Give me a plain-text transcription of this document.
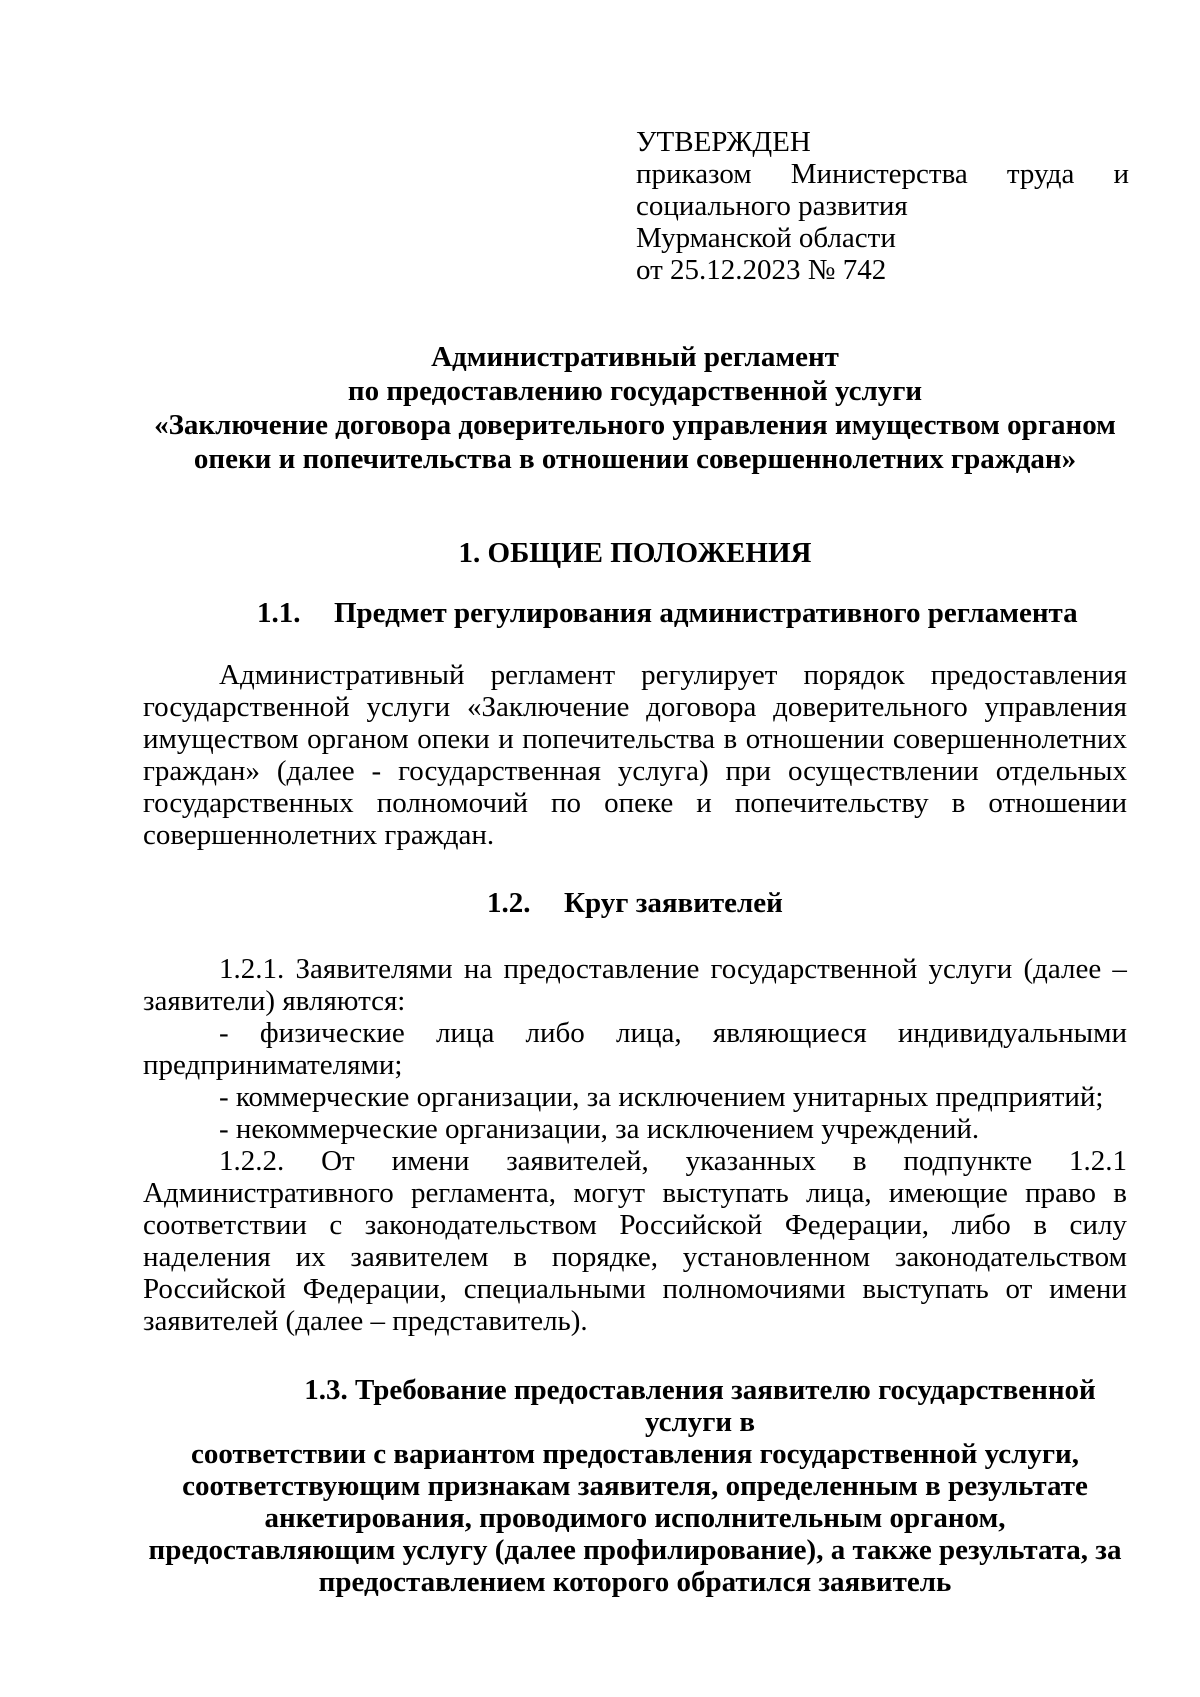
УТВЕРЖДЕН
приказом Министерства труда и
социального развития
Мурманской области
от 25.12.2023 № 742
Административный регламент
по предоставлению государственной услуги
«Заключение договора доверительного управления имуществом органом
опеки и попечительства в отношении совершеннолетних граждан»
1. ОБЩИЕ ПОЛОЖЕНИЯ
1.1. Предмет регулирования административного регламента
Административный регламент регулирует порядок предоставления
государственной услуги «Заключение договора доверительного управления
имуществом органом опеки и попечительства в отношении совершеннолетних
граждан» (далее - государственная услуга) при осуществлении отдельных
государственных полномочий по опеке и попечительству в отношении
совершеннолетних граждан.
1.2. Круг заявителей
1.2.1. Заявителями на предоставление государственной услуги (далее –
заявители) являются:
- физические лица либо лица, являющиеся индивидуальными
предпринимателями;
- коммерческие организации, за исключением унитарных предприятий;
- некоммерческие организации, за исключением учреждений.
1.2.2. От имени заявителей, указанных в подпункте 1.2.1
Административного регламента, могут выступать лица, имеющие право в
соответствии с законодательством Российской Федерации, либо в силу
наделения их заявителем в порядке, установленном законодательством
Российской Федерации, специальными полномочиями выступать от имени
заявителей (далее – представитель).
1.3. Требование предоставления заявителю государственной услуги в
соответствии с вариантом предоставления государственной услуги,
соответствующим признакам заявителя, определенным в результате
анкетирования, проводимого исполнительным органом,
предоставляющим услугу (далее профилирование), а также результата, за
предоставлением которого обратился заявитель
